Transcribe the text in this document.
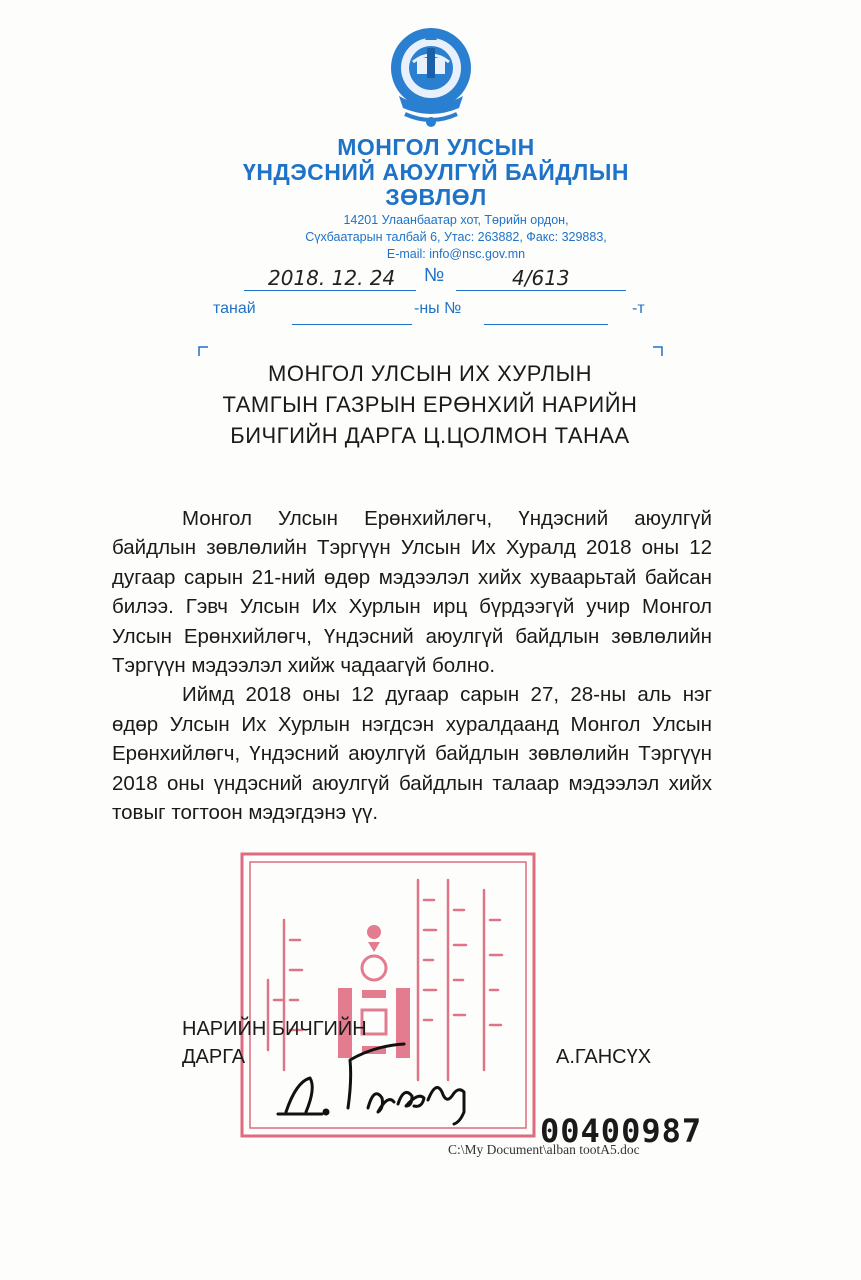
МОНГОЛ УЛСЫН
ҮНДЭСНИЙ АЮУЛГҮЙ БАЙДЛЫН
ЗӨВЛӨЛ
14201 Улаанбаатар хот, Төрийн ордон,
Сүхбаатарын талбай 6, Утас: 263882, Факс: 329883,
E-mail: info@nsc.gov.mn
2018. 12. 24 №	4/613
танай	-ны №	-т
МОНГОЛ УЛСЫН ИХ ХУРЛЫН
ТАМГЫН ГАЗРЫН ЕРӨНХИЙ НАРИЙН
БИЧГИЙН ДАРГА Ц.ЦОЛМОН ТАНАА

Монгол Улсын Ерөнхийлөгч, Үндэсний аюулгүй байдлын зөвлөлийн Тэргүүн Улсын Их Хуралд 2018 оны 12 дугаар сарын 21-ний өдөр мэдээлэл хийх хуваарьтай байсан билээ. Гэвч Улсын Их Хурлын ирц бүрдээгүй учир Монгол Улсын Ерөнхийлөгч, Үндэсний аюулгүй байдлын зөвлөлийн Тэргүүн мэдээлэл хийж чадаагүй болно.

Иймд 2018 оны 12 дугаар сарын 27, 28-ны аль нэг өдөр Улсын Их Хурлын нэгдсэн хуралдаанд Монгол Улсын Ерөнхийлөгч, Үндэсний аюулгүй байдлын зөвлөлийн Тэргүүн 2018 оны үндэсний аюулгүй байдлын талаар мэдээлэл хийх товыг тогтоон мэдэгдэнэ үү.

НАРИЙН БИЧГИЙН
ДАРГА	А.ГАНСҮХ
00400987
C:\My Document\alban tootA5.doc
